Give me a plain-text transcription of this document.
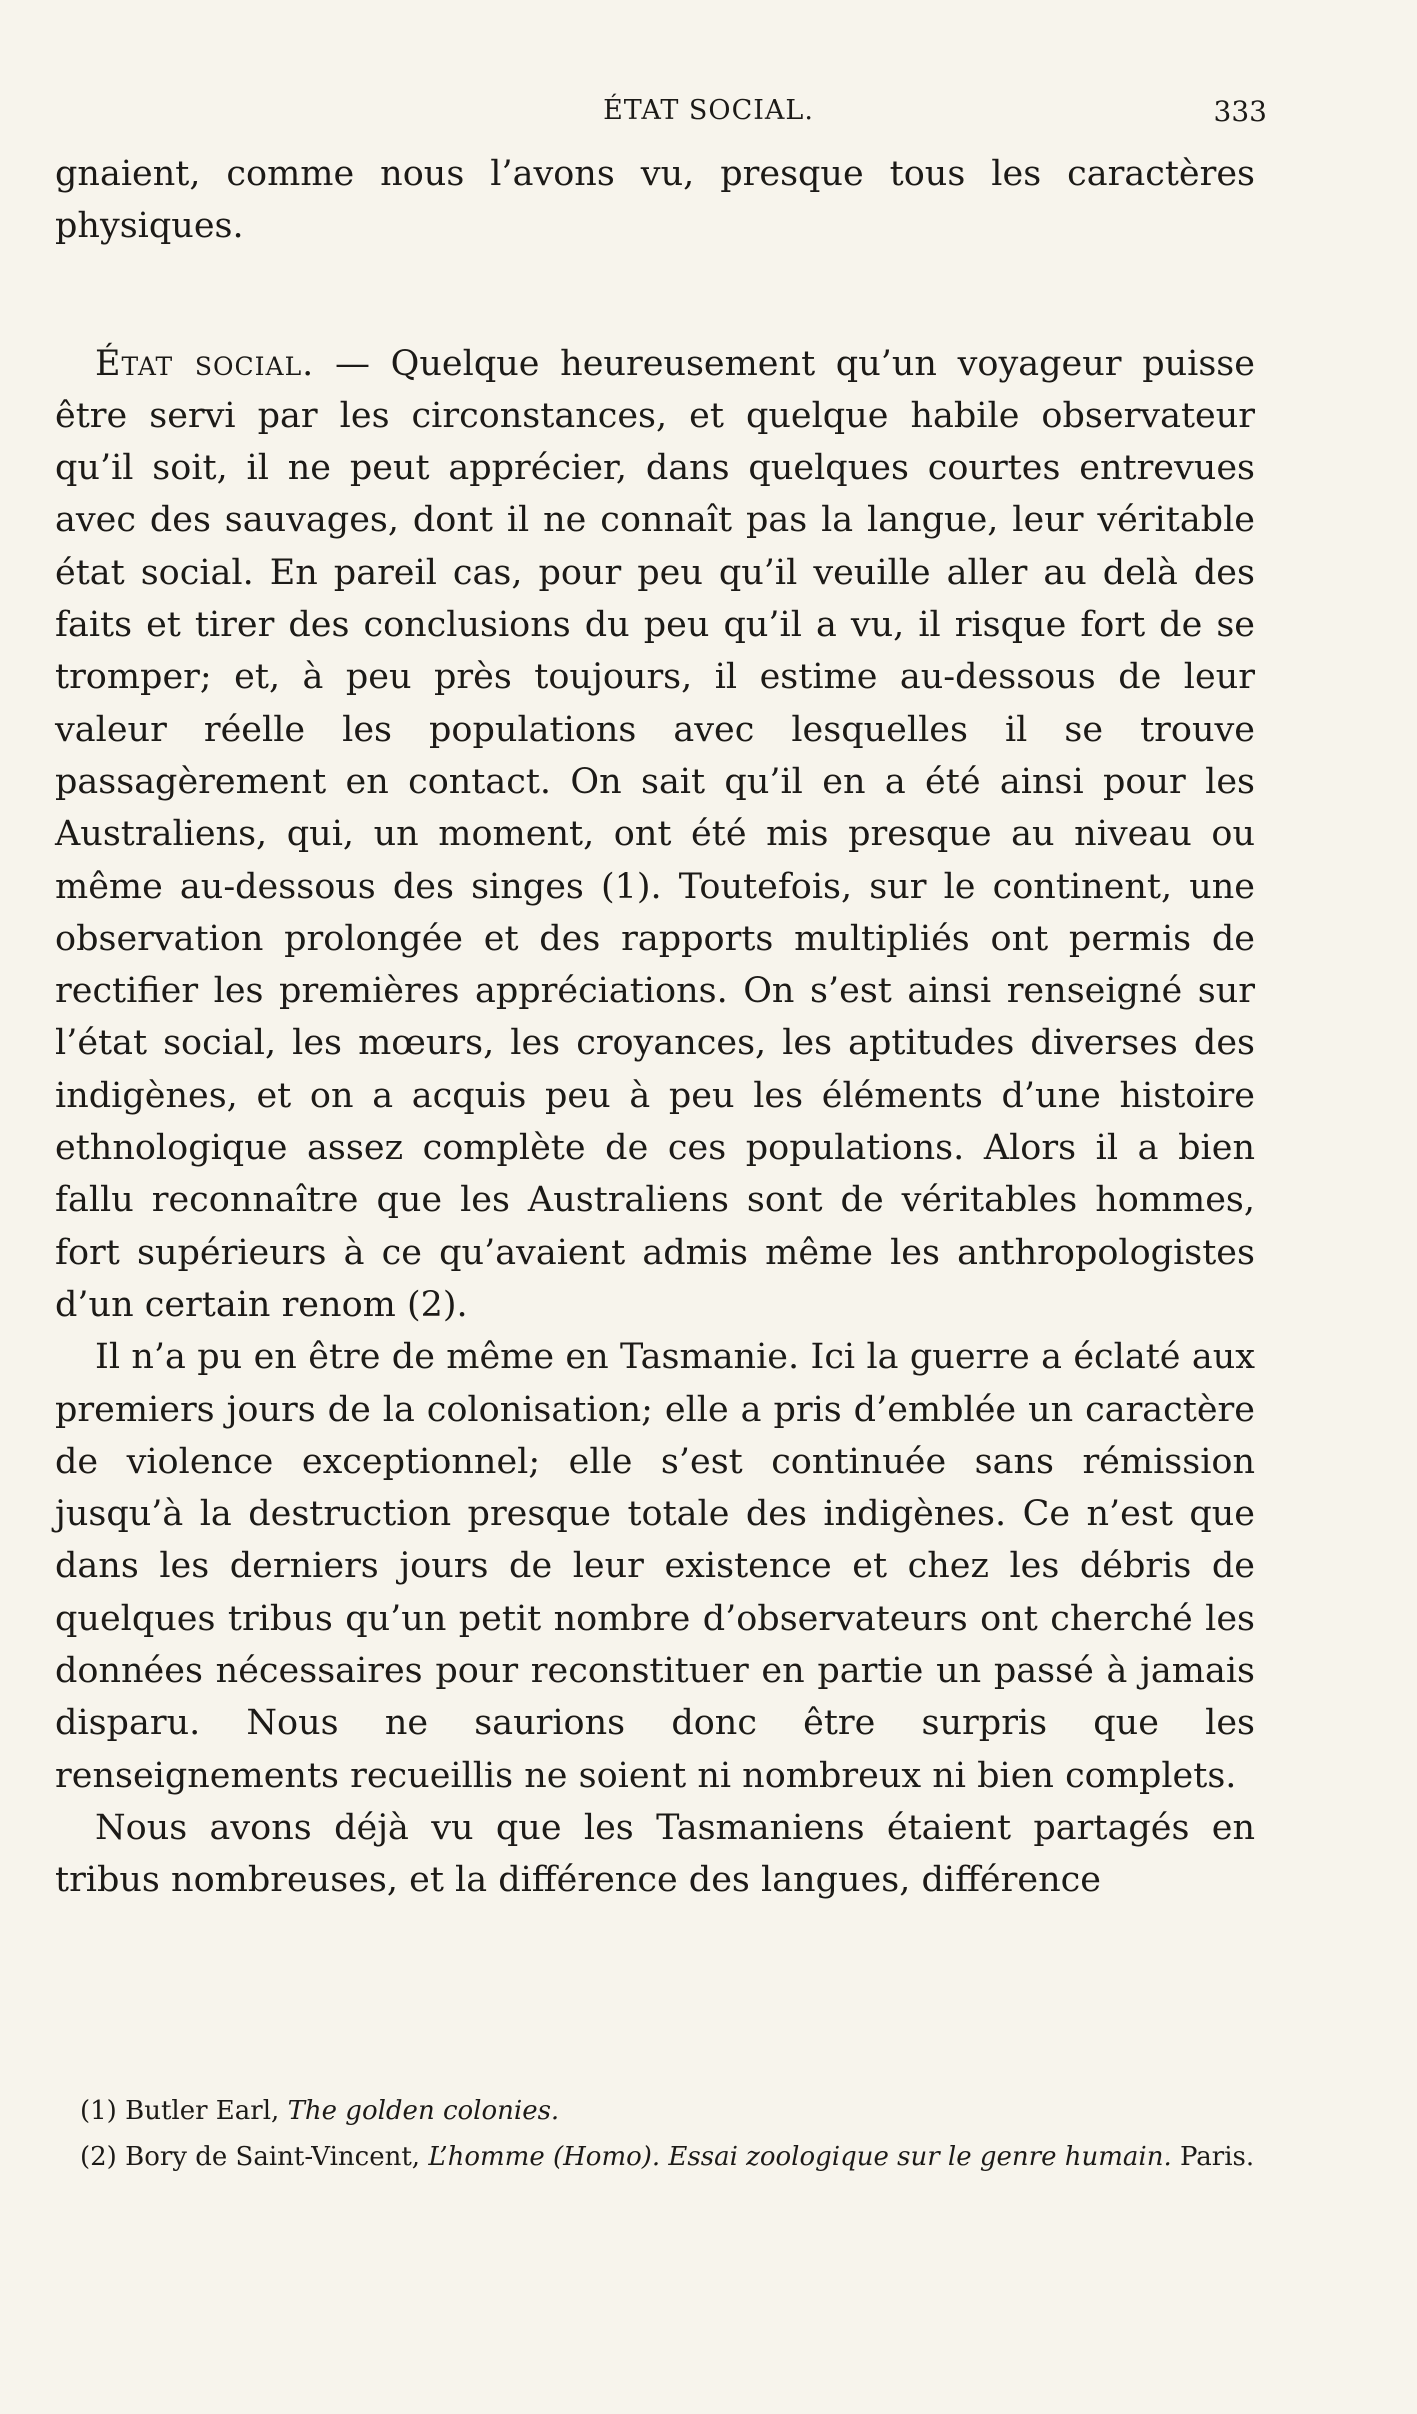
ÉTAT SOCIAL.	333

gnaient, comme nous l’avons vu, presque tous les caractères physiques.

État social. — Quelque heureusement qu’un voyageur puisse être servi par les circonstances, et quelque habile observateur qu’il soit, il ne peut apprécier, dans quelques courtes entrevues avec des sauvages, dont il ne connaît pas la langue, leur véritable état social. En pareil cas, pour peu qu’il veuille aller au delà des faits et tirer des conclusions du peu qu’il a vu, il risque fort de se tromper; et, à peu près toujours, il estime au-dessous de leur valeur réelle les populations avec lesquelles il se trouve passagèrement en contact. On sait qu’il en a été ainsi pour les Australiens, qui, un moment, ont été mis presque au niveau ou même au-dessous des singes (1). Toutefois, sur le continent, une observation prolongée et des rapports multipliés ont permis de rectifier les premières appréciations. On s’est ainsi renseigné sur l’état social, les mœurs, les croyances, les aptitudes diverses des indigènes, et on a acquis peu à peu les éléments d’une histoire ethnologique assez complète de ces populations. Alors il a bien fallu reconnaître que les Australiens sont de véritables hommes, fort supérieurs à ce qu’avaient admis même les anthropologistes d’un certain renom (2).

Il n’a pu en être de même en Tasmanie. Ici la guerre a éclaté aux premiers jours de la colonisation; elle a pris d’emblée un caractère de violence exceptionnel; elle s’est continuée sans rémission jusqu’à la destruction presque totale des indigènes. Ce n’est que dans les derniers jours de leur existence et chez les débris de quelques tribus qu’un petit nombre d’observateurs ont cherché les données nécessaires pour reconstituer en partie un passé à jamais disparu. Nous ne saurions donc être surpris que les renseignements recueillis ne soient ni nombreux ni bien complets.

Nous avons déjà vu que les Tasmaniens étaient partagés en tribus nombreuses, et la différence des langues, différence

(1) Butler Earl, The golden colonies.

(2) Bory de Saint-Vincent, L’homme (Homo). Essai zoologique sur le genre humain. Paris.
